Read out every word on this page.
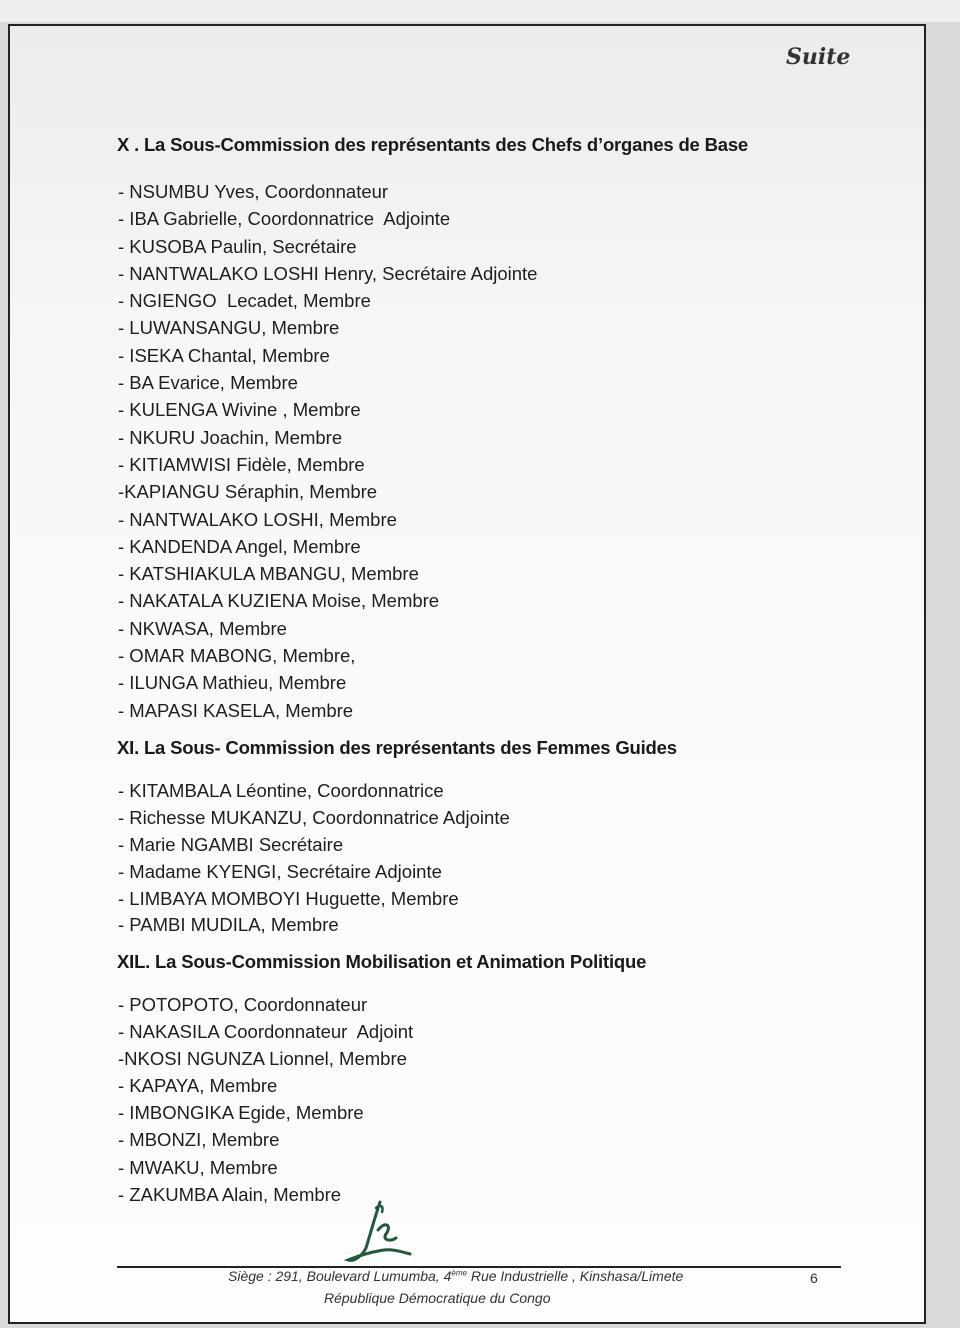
Suite
X . La Sous-Commission des représentants des Chefs d’organes de Base
- NSUMBU Yves, Coordonnateur
- IBA Gabrielle, Coordonnatrice  Adjointe
- KUSOBA Paulin, Secrétaire
- NANTWALAKO LOSHI Henry, Secrétaire Adjointe
- NGIENGO  Lecadet, Membre
- LUWANSANGU, Membre
- ISEKA Chantal, Membre
- BA Evarice, Membre
- KULENGA Wivine , Membre
- NKURU Joachin, Membre
- KITIAMWISI Fidèle, Membre
-KAPIANGU Séraphin, Membre
- NANTWALAKO LOSHI, Membre
- KANDENDA Angel, Membre
- KATSHIAKULA MBANGU, Membre
- NAKATALA KUZIENA Moise, Membre
- NKWASA, Membre
- OMAR MABONG, Membre,
- ILUNGA Mathieu, Membre
- MAPASI KASELA, Membre
XI. La Sous- Commission des représentants des Femmes Guides
- KITAMBALA Léontine, Coordonnatrice
- Richesse MUKANZU, Coordonnatrice Adjointe
- Marie NGAMBI Secrétaire
- Madame KYENGI, Secrétaire Adjointe
- LIMBAYA MOMBOYI Huguette, Membre
- PAMBI MUDILA, Membre
XIL. La Sous-Commission Mobilisation et Animation Politique
- POTOPOTO, Coordonnateur
- NAKASILA Coordonnateur  Adjoint
-NKOSI NGUNZA Lionnel, Membre
- KAPAYA, Membre
- IMBONGIKA Egide, Membre
- MBONZI, Membre
- MWAKU, Membre
- ZAKUMBA Alain, Membre
Siège : 291, Boulevard Lumumba, 4ème Rue Industrielle , Kinshasa/Limete
République Démocratique du Congo
6
